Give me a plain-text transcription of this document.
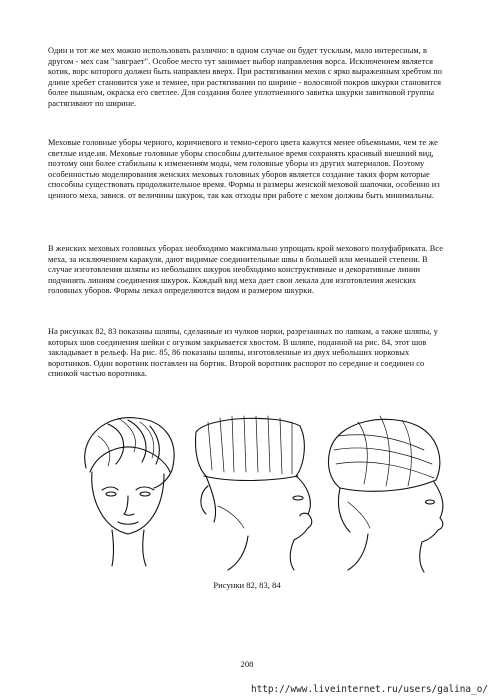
Один и тот же мех можно использовать различно: в одном случае он будет тусклым, мало интересным, в другом - мех сам "завграет". Особое место тут занимает выбор направления ворса. Исключением является котик, ворс которого должен быть направлен вверх. При растягивании мехов с ярко выраженным хребтом по длине хребет становится уже и темнее, при растягивании по ширине - волосяной покров шкурки становится более пышным, окраска его светлее. Для создания более уплотненного завитка шкурки завитковой группы растягивают по ширине.

Меховые головные уборы черного, коричневого и темно-серого цвета кажутся менее объемными, чем те же светлые изде.ия. Меховые головные уборы способны длительное время сохранять красивый внешний вид, поэтому они более стабильны к изменениям моды, чем головные уборы из других материалов. Поэтому особенностью моделирования женских меховых головных уборов является создание таких форм которые способны существовать продолжительное время. Формы и размеры женской меховой шапочки, особенно из ценного меха, завися. от величины шкурок, так как отходы при работе с мехом должны быть минимальны.

В женских меховых головных уборах необходимо максимально упрощать крой мехового полуфабриката. Все меха, за исключением каракуля, дают видимые соединительные швы в большей или меньшей степени. В случае изготовления шляпы из небольших шкурок необходимо конструктивные и декоративные линии подчинять линиям соединения шкурок. Каждый вид меха дает свои лекала для изготовления женских головных уборов. Формы лекал определяются видом и размером шкурки.

На рисунках 82, 83 показаны шляпы, сделанные из чулков норки, разрезанных по лапкам, а также шляпы, у которых шов соединения шейки с огузком закрывается хвостом. В шляпе, поданной на рис. 84, этот шов закладывает в рельеф. На рис. 85, 86 показаны шляпы, изготовленные из двух небольших норковых воротников. Один воротник поставлен на бортик. Второй воротник распорот по середине и соединен со спинкой частью воротника.

Рисунки 82, 83, 84
208
http://www.liveinternet.ru/users/galina_o/
